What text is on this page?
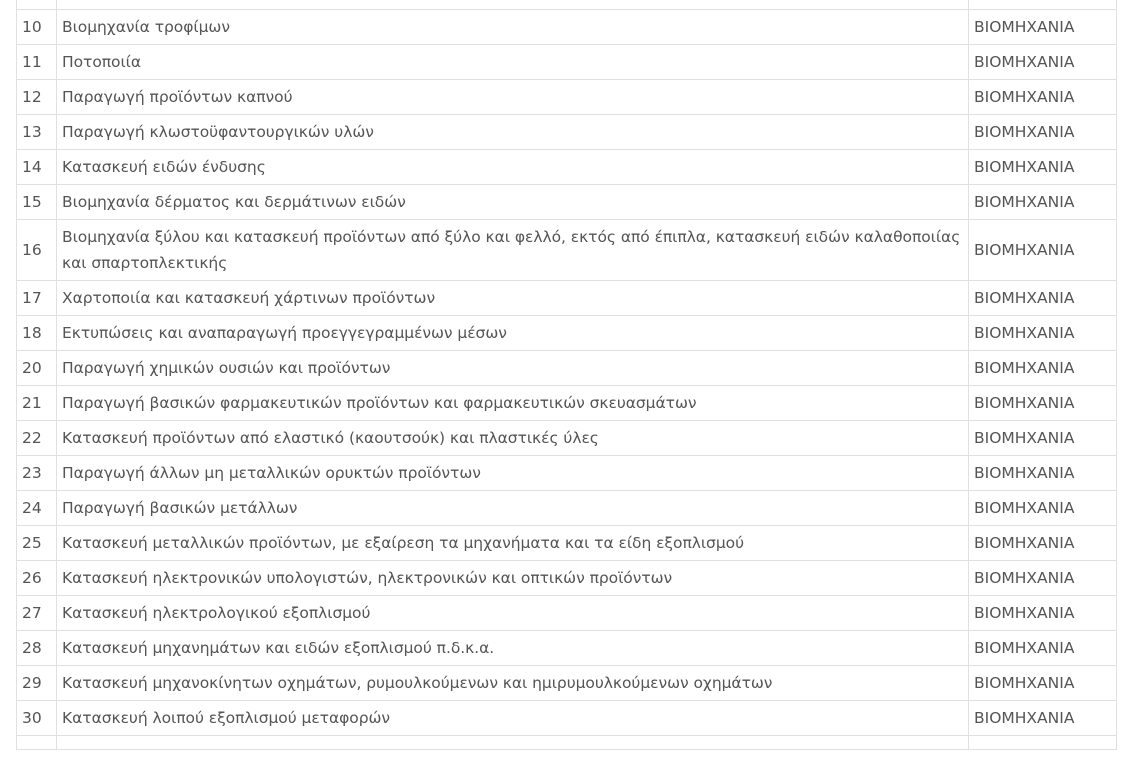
10	Βιομηχανία τροφίμων	ΒΙΟΜΗΧΑΝΙΑ
11	Ποτοποιία	ΒΙΟΜΗΧΑΝΙΑ
12	Παραγωγή προϊόντων καπνού	ΒΙΟΜΗΧΑΝΙΑ
13	Παραγωγή κλωστοϋφαντουργικών υλών	ΒΙΟΜΗΧΑΝΙΑ
14	Κατασκευή ειδών ένδυσης	ΒΙΟΜΗΧΑΝΙΑ
15	Βιομηχανία δέρματος και δερμάτινων ειδών	ΒΙΟΜΗΧΑΝΙΑ
16	Βιομηχανία ξύλου και κατασκευή προϊόντων από ξύλο και φελλό, εκτός από έπιπλα, κατασκευή ειδών καλαθοποιίας και σπαρτοπλεκτικής	ΒΙΟΜΗΧΑΝΙΑ
17	Χαρτοποιία και κατασκευή χάρτινων προϊόντων	ΒΙΟΜΗΧΑΝΙΑ
18	Εκτυπώσεις και αναπαραγωγή προεγγεγραμμένων μέσων	ΒΙΟΜΗΧΑΝΙΑ
20	Παραγωγή χημικών ουσιών και προϊόντων	ΒΙΟΜΗΧΑΝΙΑ
21	Παραγωγή βασικών φαρμακευτικών προϊόντων και φαρμακευτικών σκευασμάτων	ΒΙΟΜΗΧΑΝΙΑ
22	Κατασκευή προϊόντων από ελαστικό (καουτσούκ) και πλαστικές ύλες	ΒΙΟΜΗΧΑΝΙΑ
23	Παραγωγή άλλων μη μεταλλικών ορυκτών προϊόντων	ΒΙΟΜΗΧΑΝΙΑ
24	Παραγωγή βασικών μετάλλων	ΒΙΟΜΗΧΑΝΙΑ
25	Κατασκευή μεταλλικών προϊόντων, με εξαίρεση τα μηχανήματα και τα είδη εξοπλισμού	ΒΙΟΜΗΧΑΝΙΑ
26	Κατασκευή ηλεκτρονικών υπολογιστών, ηλεκτρονικών και οπτικών προϊόντων	ΒΙΟΜΗΧΑΝΙΑ
27	Κατασκευή ηλεκτρολογικού εξοπλισμού	ΒΙΟΜΗΧΑΝΙΑ
28	Κατασκευή μηχανημάτων και ειδών εξοπλισμού π.δ.κ.α.	ΒΙΟΜΗΧΑΝΙΑ
29	Κατασκευή μηχανοκίνητων οχημάτων, ρυμουλκούμενων και ημιρυμουλκούμενων οχημάτων	ΒΙΟΜΗΧΑΝΙΑ
30	Κατασκευή λοιπού εξοπλισμού μεταφορών	ΒΙΟΜΗΧΑΝΙΑ
